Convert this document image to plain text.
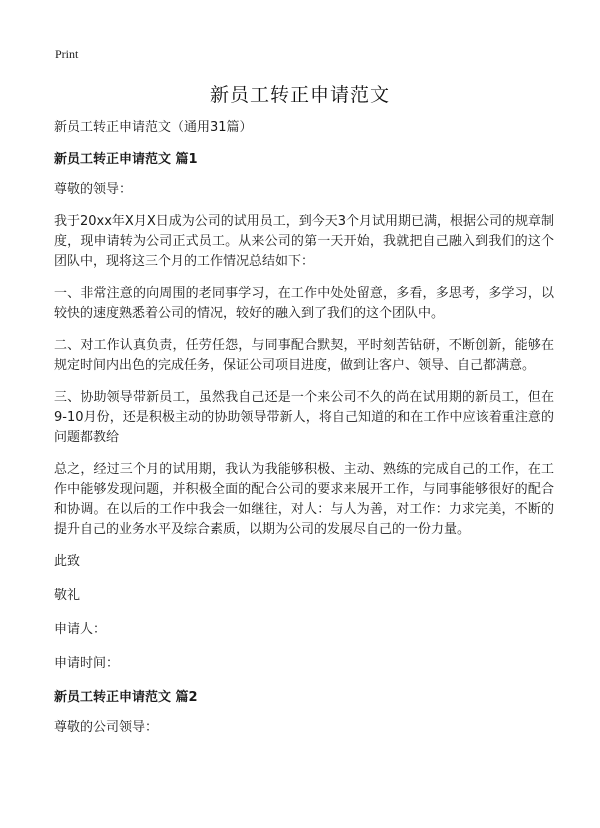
Print
新员工转正申请范文

新员工转正申请范文（通用31篇）

新员工转正申请范文 篇1

尊敬的领导：

我于20xx年X月X日成为公司的试用员工，到今天3个月试用期已满，根据公司的规章制度，现申请转为公司正式员工。从来公司的第一天开始，我就把自己融入到我们的这个团队中，现将这三个月的工作情况总结如下：

一、非常注意的向周围的老同事学习，在工作中处处留意，多看，多思考，多学习，以较快的速度熟悉着公司的情况，较好的融入到了我们的这个团队中。

二、对工作认真负责，任劳任怨，与同事配合默契，平时刻苦钻研，不断创新，能够在规定时间内出色的完成任务，保证公司项目进度，做到让客户、领导、自己都满意。

三、协助领导带新员工，虽然我自己还是一个来公司不久的尚在试用期的新员工，但在9-10月份，还是积极主动的协助领导带新人，将自己知道的和在工作中应该着重注意的问题都教给

总之，经过三个月的试用期，我认为我能够积极、主动、熟练的完成自己的工作，在工作中能够发现问题，并积极全面的配合公司的要求来展开工作，与同事能够很好的配合和协调。在以后的工作中我会一如继往，对人：与人为善，对工作：力求完美，不断的提升自己的业务水平及综合素质，以期为公司的发展尽自己的一份力量。

此致

敬礼

申请人：

申请时间：

新员工转正申请范文 篇2

尊敬的公司领导：
